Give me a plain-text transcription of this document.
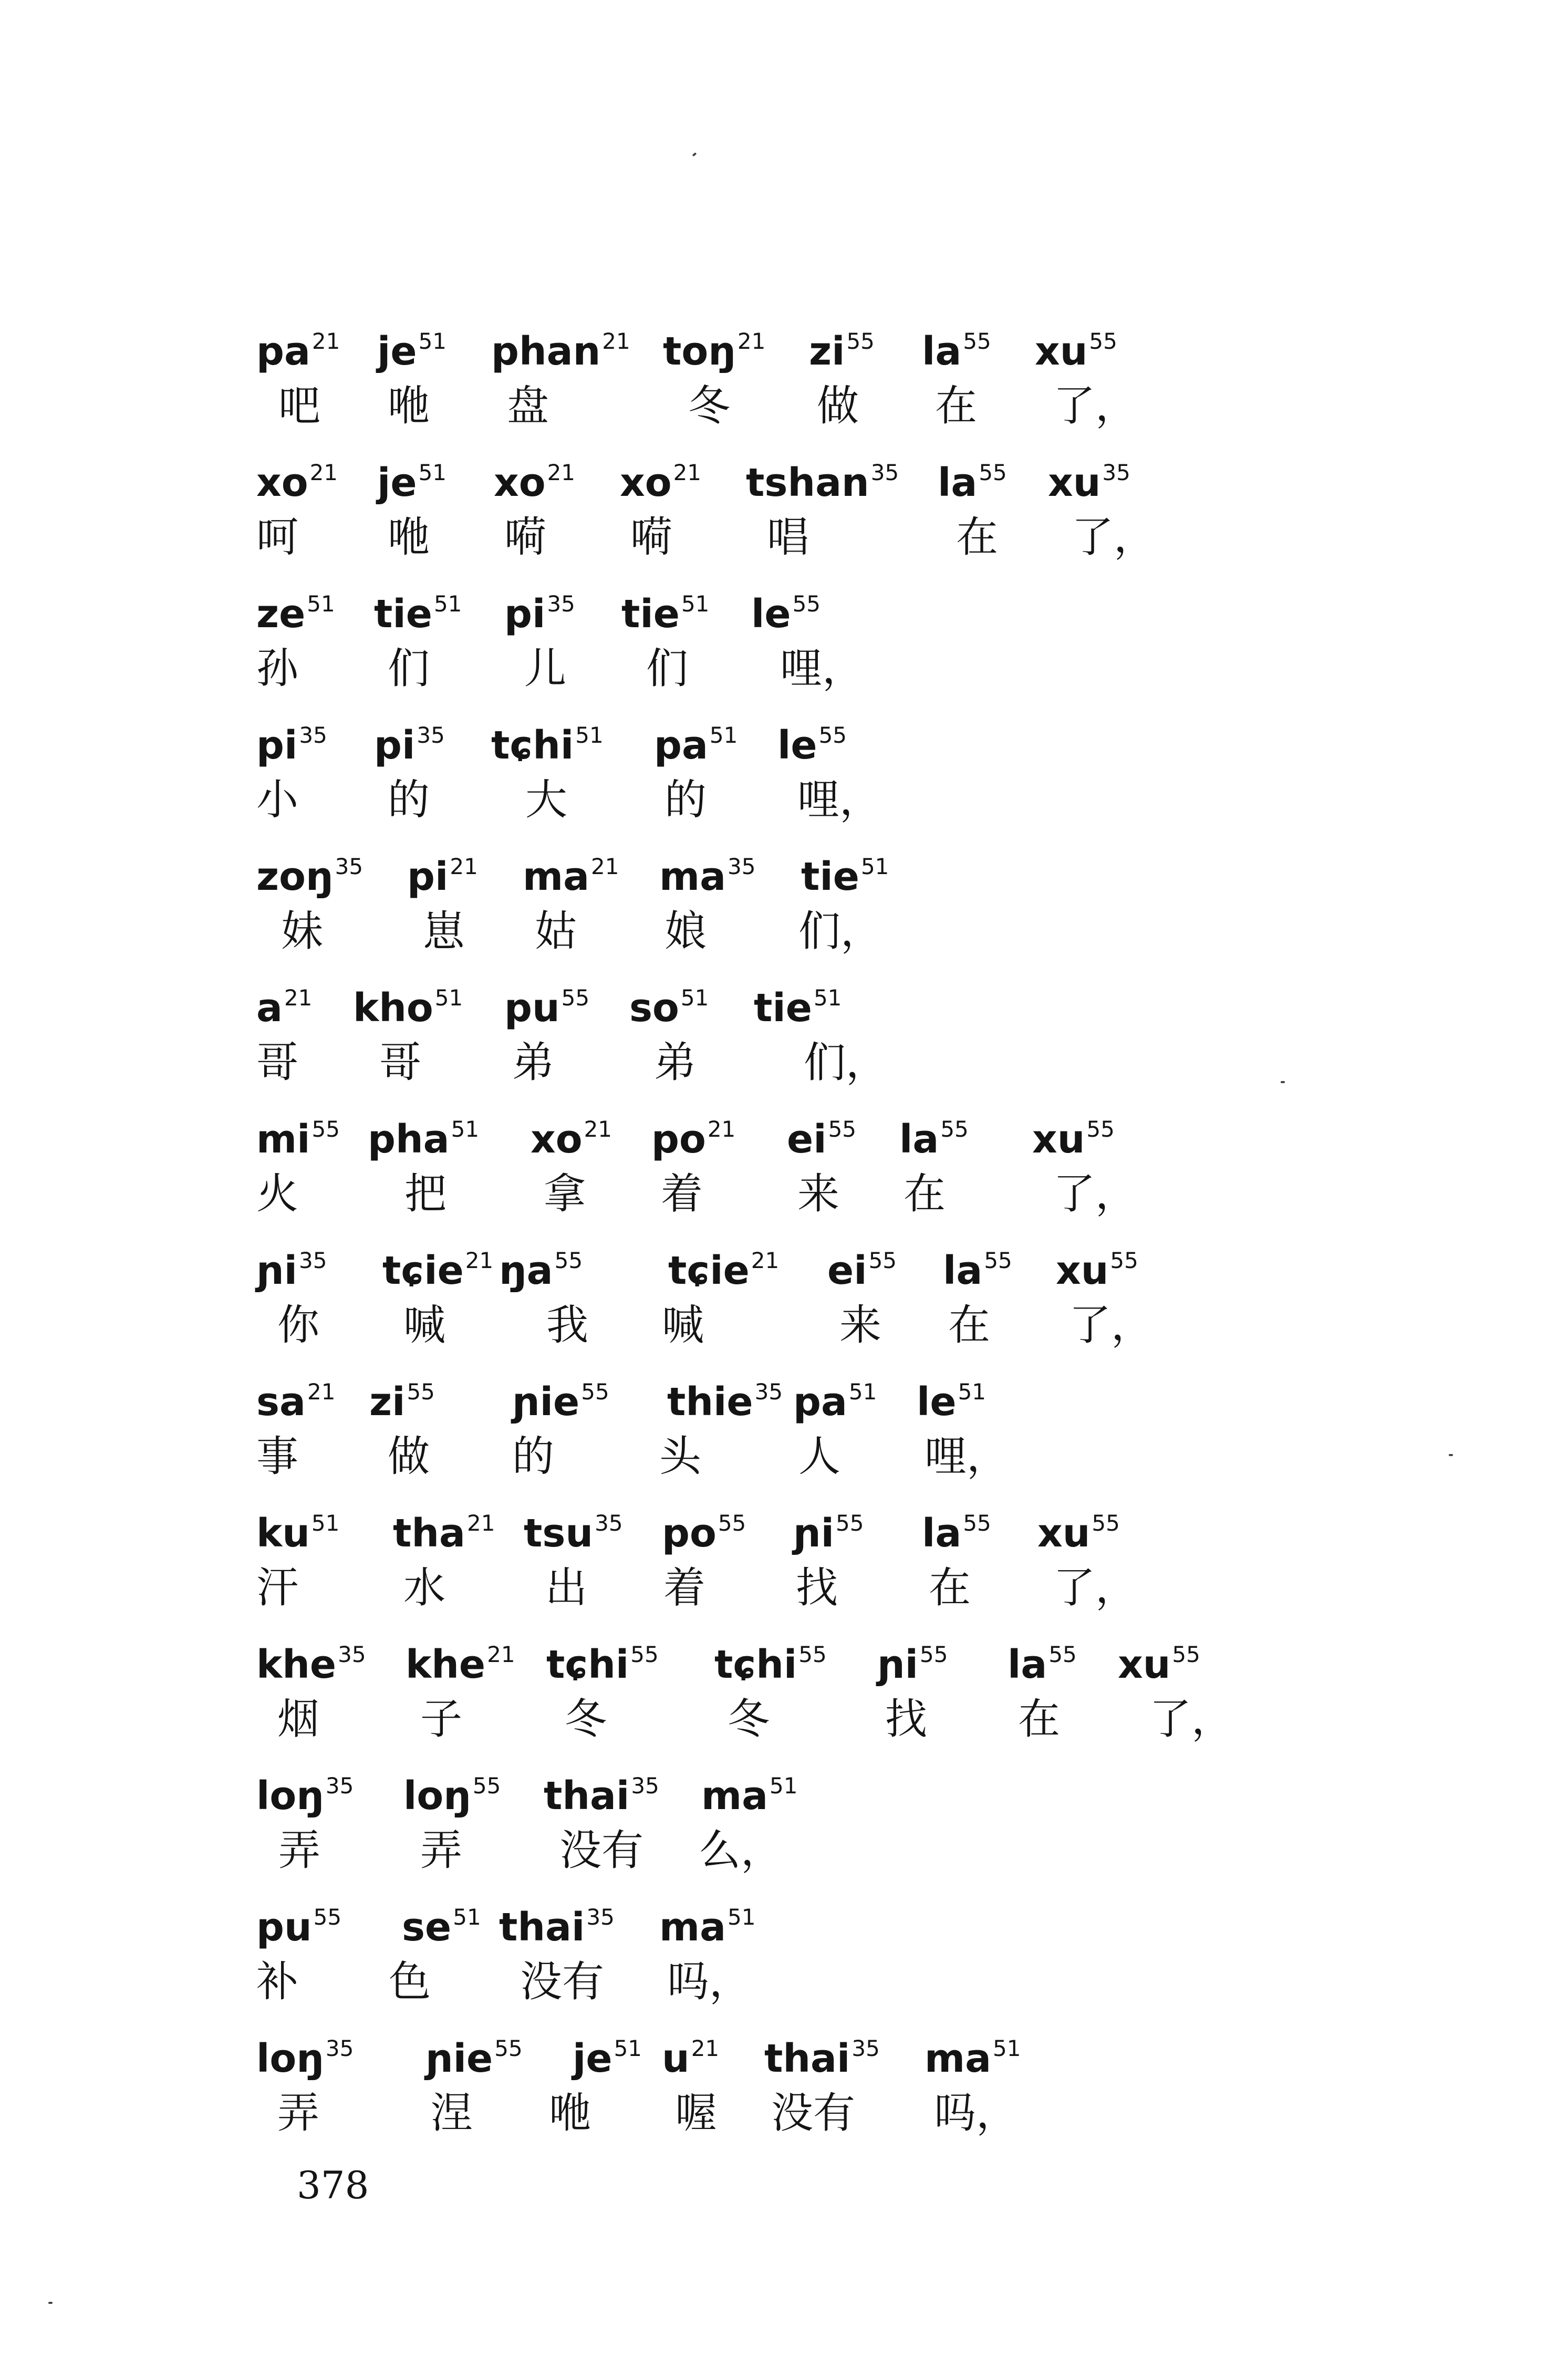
$pa^{21}$ $je^{51}$ phan$^{21}$ toŋ$^{21}$ $zi^{55}$ $la^{55}$ $xu^{55}$
吧 咃 盘	冬 做 在 了，
$xo^{21}$ $je^{51}$ $xo^{21}$ $xo^{21}$ tshan$^{35}$ $la^{55}$ $xu^{35}$
呵 咃 嗬 嗬 唱	在 了，
$ze^{51}$ tie$^{51}$ $pi^{35}$ tie$^{51}$ $le^{55}$
孙 们 儿 们 哩，
$pi^{35}$ $pi^{35}$ tɕhi$^{51}$ $pa^{51}$ $le^{55}$
小 的 大 的 哩，
zoŋ$^{35}$ $pi^{21}$ $ma^{21}$ $ma^{35}$ tie$^{51}$
妹 崽 姑 娘 们，
$a^{21}$ kho$^{51}$ $pu^{55}$ $so^{51}$ tie$^{51}$
哥 哥 弟 弟	们，
$mi^{55}$ pha$^{51}$ $xo^{21}$ $po^{21}$ $ei^{55}$ $la^{55}$ $xu^{55}$
火	把 拿 着 来 在	了，
ɲi$^{35}$ tɕie$^{21}$ $ŋa^{55}$ tɕie$^{21}$ $ei^{55}$ $la^{55}$ $xu^{55}$
你 喊 我 喊	来 在 了，
$sa^{21}$ $zi^{55}$ ɲie$^{55}$ thie$^{35}$ $pa^{51}$ $le^{51}$
事 做 的	头 人 哩，
$ku^{51}$ tha$^{21}$ tsu$^{35}$ $po^{55}$ ɲi$^{55}$ $la^{55}$ $xu^{55}$
汗	水 出 着 找 在 了，
khe$^{35}$ khe$^{21}$ tɕhi$^{55}$ tɕhi$^{55}$ ɲi$^{55}$ $la^{55}$ $xu^{55}$
烟 子 冬	冬	找 在 了，
loŋ$^{35}$ loŋ$^{55}$ thai$^{35}$ $ma^{51}$
弄 弄 没有 么，
$pu^{55}$ $se^{51}$ thai$^{35}$ $ma^{51}$
补 色 没有 吗，
loŋ$^{35}$ ɲie$^{55}$ $je^{51}$ $u^{21}$ thai$^{35}$ $ma^{51}$
弄	涅 咃 喔 没有 吗，
378
